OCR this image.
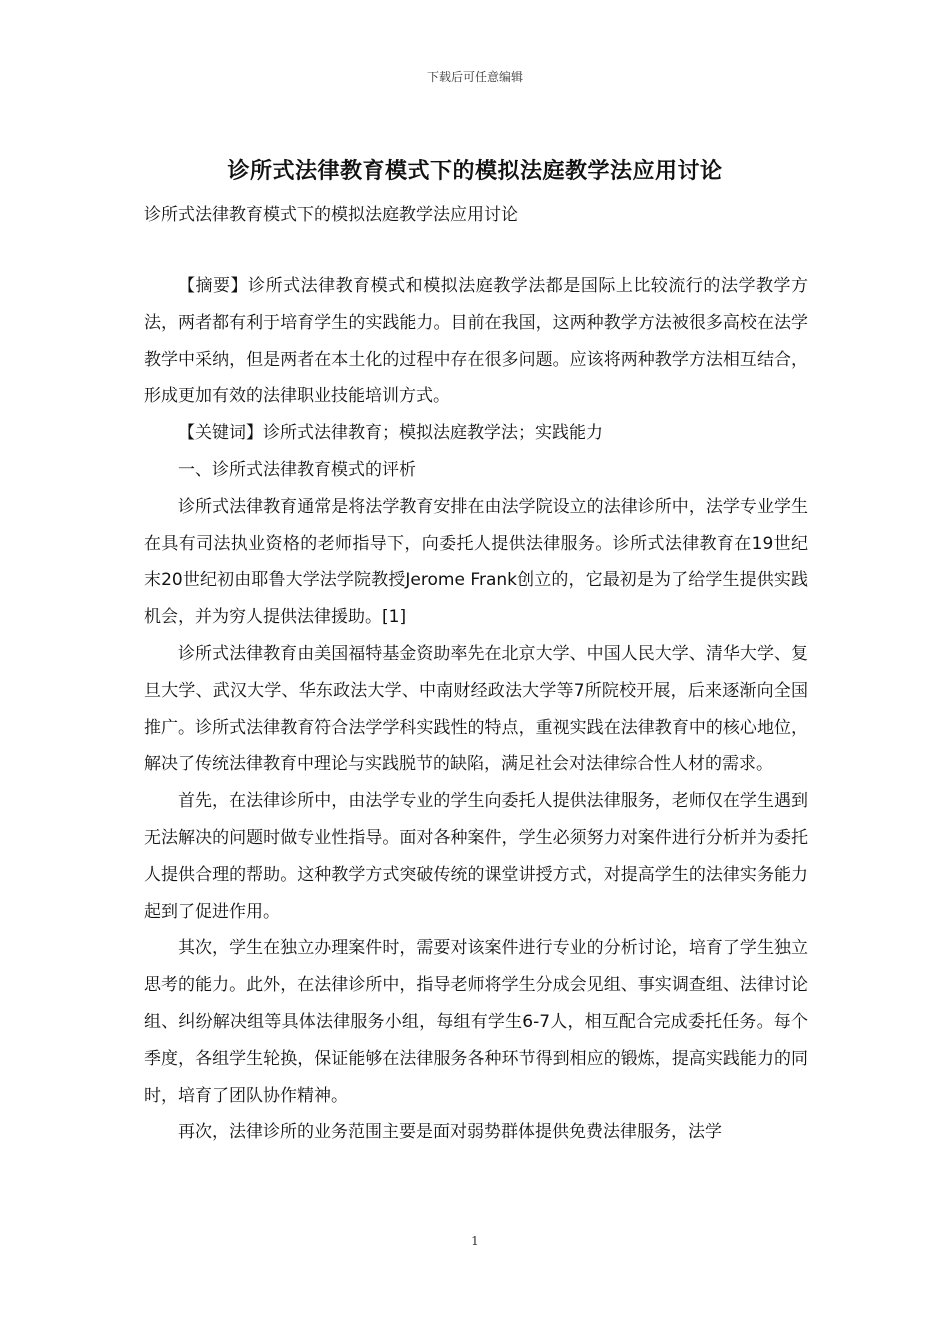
下载后可任意编辑
诊所式法律教育模式下的模拟法庭教学法应用讨论
诊所式法律教育模式下的模拟法庭教学法应用讨论

【摘要】诊所式法律教育模式和模拟法庭教学法都是国际上比较流行的法学教学方法，两者都有利于培育学生的实践能力。目前在我国，这两种教学方法被很多高校在法学教学中采纳，但是两者在本土化的过程中存在很多问题。应该将两种教学方法相互结合，形成更加有效的法律职业技能培训方式。

【关键词】诊所式法律教育；模拟法庭教学法；实践能力

一、诊所式法律教育模式的评析

诊所式法律教育通常是将法学教育安排在由法学院设立的法律诊所中，法学专业学生在具有司法执业资格的老师指导下，向委托人提供法律服务。诊所式法律教育在19世纪末20世纪初由耶鲁大学法学院教授Jerome Frank创立的，它最初是为了给学生提供实践机会，并为穷人提供法律援助。[1]

诊所式法律教育由美国福特基金资助率先在北京大学、中国人民大学、清华大学、复旦大学、武汉大学、华东政法大学、中南财经政法大学等7所院校开展，后来逐渐向全国推广。诊所式法律教育符合法学学科实践性的特点，重视实践在法律教育中的核心地位，解决了传统法律教育中理论与实践脱节的缺陷，满足社会对法律综合性人材的需求。

首先，在法律诊所中，由法学专业的学生向委托人提供法律服务，老师仅在学生遇到无法解决的问题时做专业性指导。面对各种案件，学生必须努力对案件进行分析并为委托人提供合理的帮助。这种教学方式突破传统的课堂讲授方式，对提高学生的法律实务能力起到了促进作用。

其次，学生在独立办理案件时，需要对该案件进行专业的分析讨论，培育了学生独立思考的能力。此外，在法律诊所中，指导老师将学生分成会见组、事实调查组、法律讨论组、纠纷解决组等具体法律服务小组，每组有学生6-7人，相互配合完成委托任务。每个季度，各组学生轮换，保证能够在法律服务各种环节得到相应的锻炼，提高实践能力的同时，培育了团队协作精神。

再次，法律诊所的业务范围主要是面对弱势群体提供免费法律服务，法学

1
